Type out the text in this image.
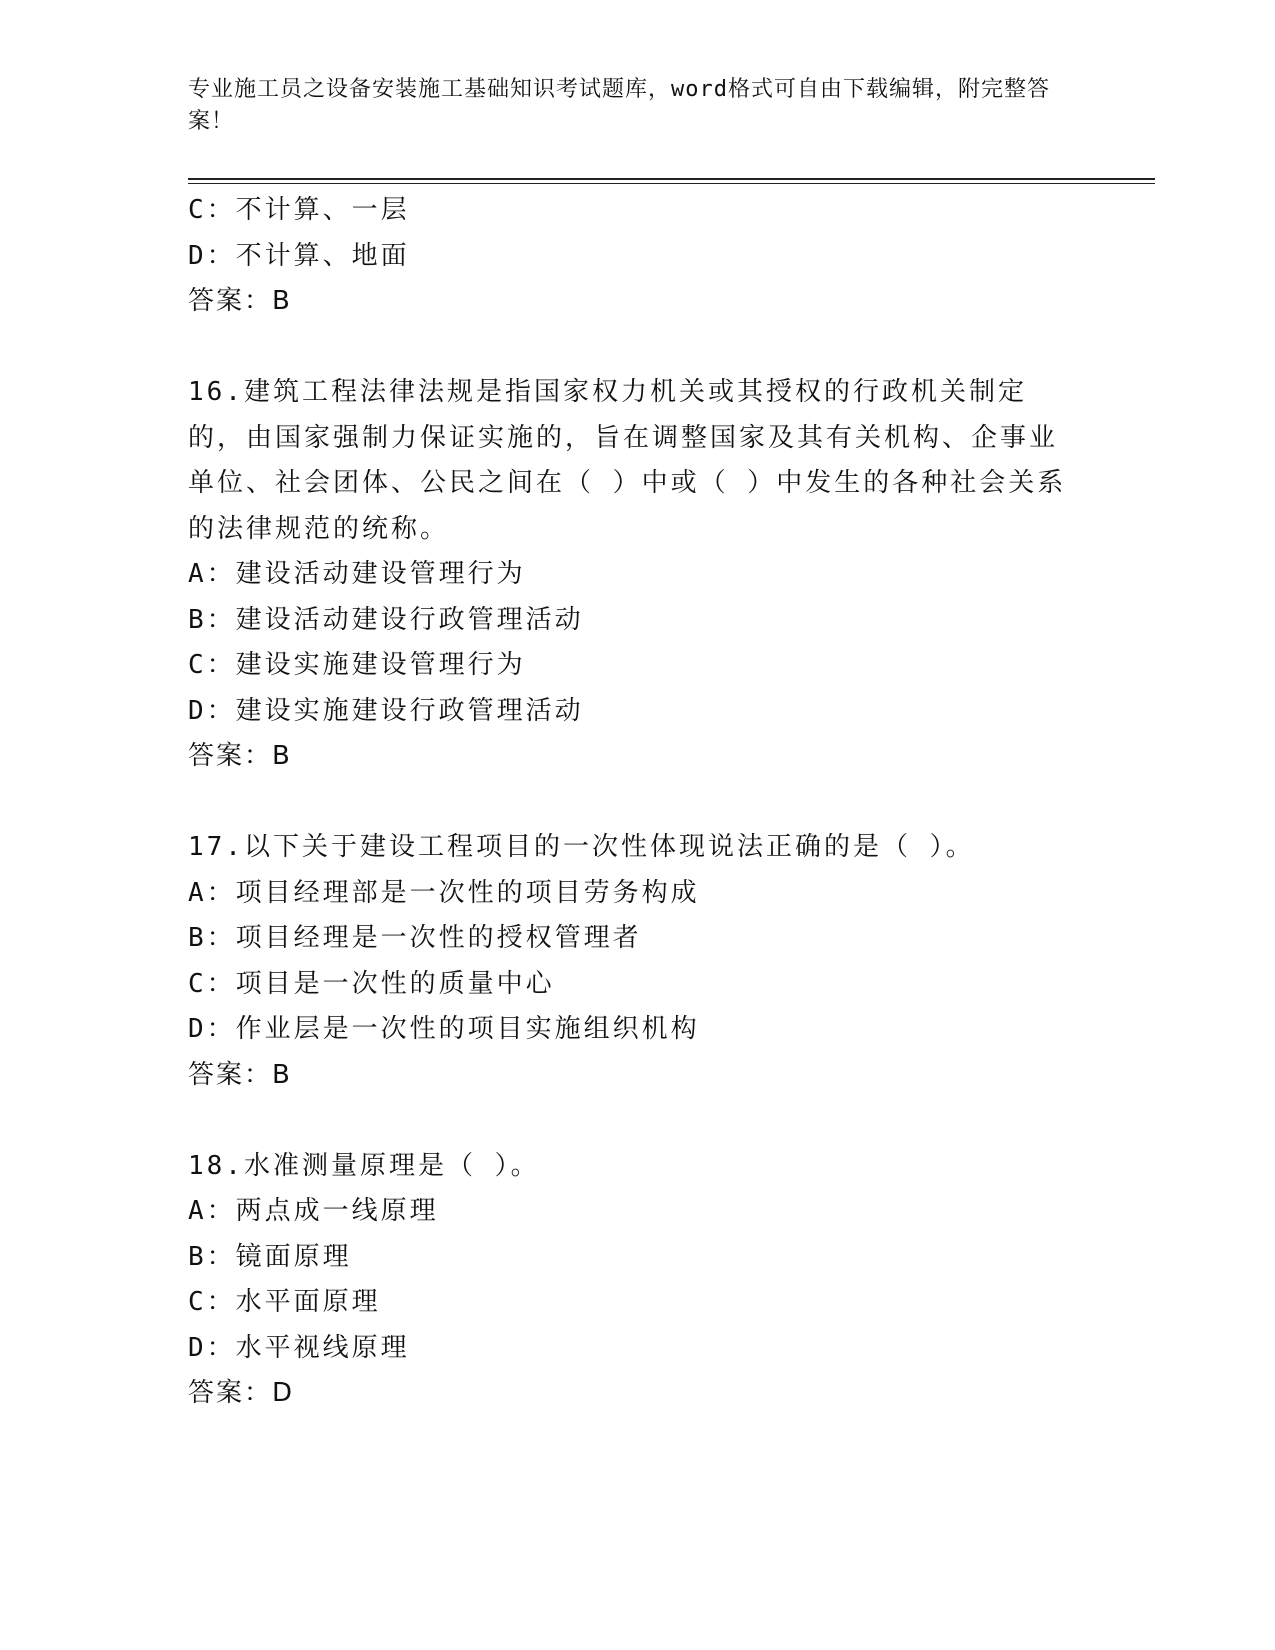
专业施工员之设备安装施工基础知识考试题库，word格式可自由下载编辑，附完整答案！
C：不计算、一层
D：不计算、地面
答案：B
16.建筑工程法律法规是指国家权力机关或其授权的行政机关制定的，由国家强制力保证实施的，旨在调整国家及其有关机构、企事业单位、社会团体、公民之间在（ ）中或（ ）中发生的各种社会关系的法律规范的统称。
A：建设活动建设管理行为
B：建设活动建设行政管理活动
C：建设实施建设管理行为
D：建设实施建设行政管理活动
答案：B
17.以下关于建设工程项目的一次性体现说法正确的是（ ）。
A：项目经理部是一次性的项目劳务构成
B：项目经理是一次性的授权管理者
C：项目是一次性的质量中心
D：作业层是一次性的项目实施组织机构
答案：B
18.水准测量原理是（ ）。
A：两点成一线原理
B：镜面原理
C：水平面原理
D：水平视线原理
答案：D
